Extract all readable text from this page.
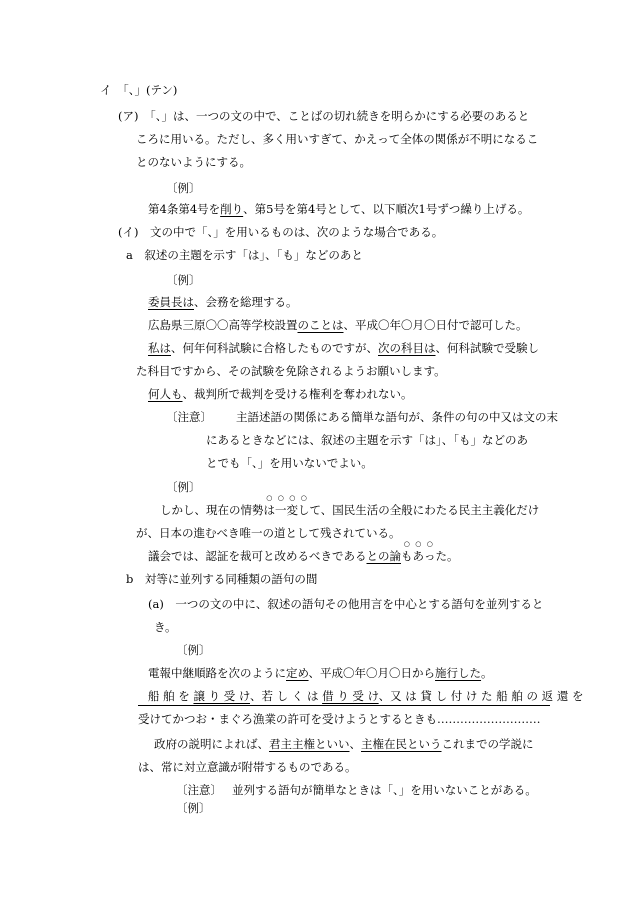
イ　「、」(テン)
(ア)　「、」は、一つの文の中で、ことばの切れ続きを明らかにする必要のあると
ころに用いる。ただし、多く用いすぎて、かえって全体の関係が不明になるこ
とのないようにする。
〔例〕
第4条第4号を削り、第5号を第4号として、以下順次1号ずつ繰り上げる。
(イ)　文の中で「、」を用いるものは、次のような場合である。
a　叙述の主題を示す「は」、「も」などのあと
〔例〕
委員長は、会務を総理する。
広島県三原〇〇高等学校設置のことは、平成〇年〇月〇日付で認可した。
私は、何年何科試験に合格したものですが、次の科目は、何科試験で受験し
た科目ですから、その試験を免除されるようお願いします。
何人も、裁判所で裁判を受ける権利を奪われない。
〔注意〕 主語述語の関係にある簡単な語句が、条件の句の中又は文の末
にあるときなどには、叙述の主題を示す「は」、「も」などのあ
とでも「、」を用いないでよい。
〔例〕
しかし、現在の情勢○ は○ 一○ 変○ して、国民生活の全般にわたる民主主義化だけ
が、日本の進むべき唯一の道として残されている。
議会では、認証を裁可と改めるべきであるとの論○ も○ あ○ った。
b　対等に並列する同種類の語句の間
(a)　一つの文の中に、叙述の語句その他用言を中心とする語句を並列すると
き。
〔例〕
電報中継順路を次のように定め、平成〇年〇月〇日から施行した。
船 舶 を 譲 り 受 け、若 し く は 借 り 受 け、又 は 貸 し 付 け た 船 舶 の 返 還 を
受けてかつお・まぐろ漁業の許可を受けようとするときも………………………
政府の説明によれば、君主主権といい、主権在民というこれまでの学説に
は、常に対立意識が附帯するものである。
〔注意〕 並列する語句が簡単なときは「、」を用いないことがある。
〔例〕
